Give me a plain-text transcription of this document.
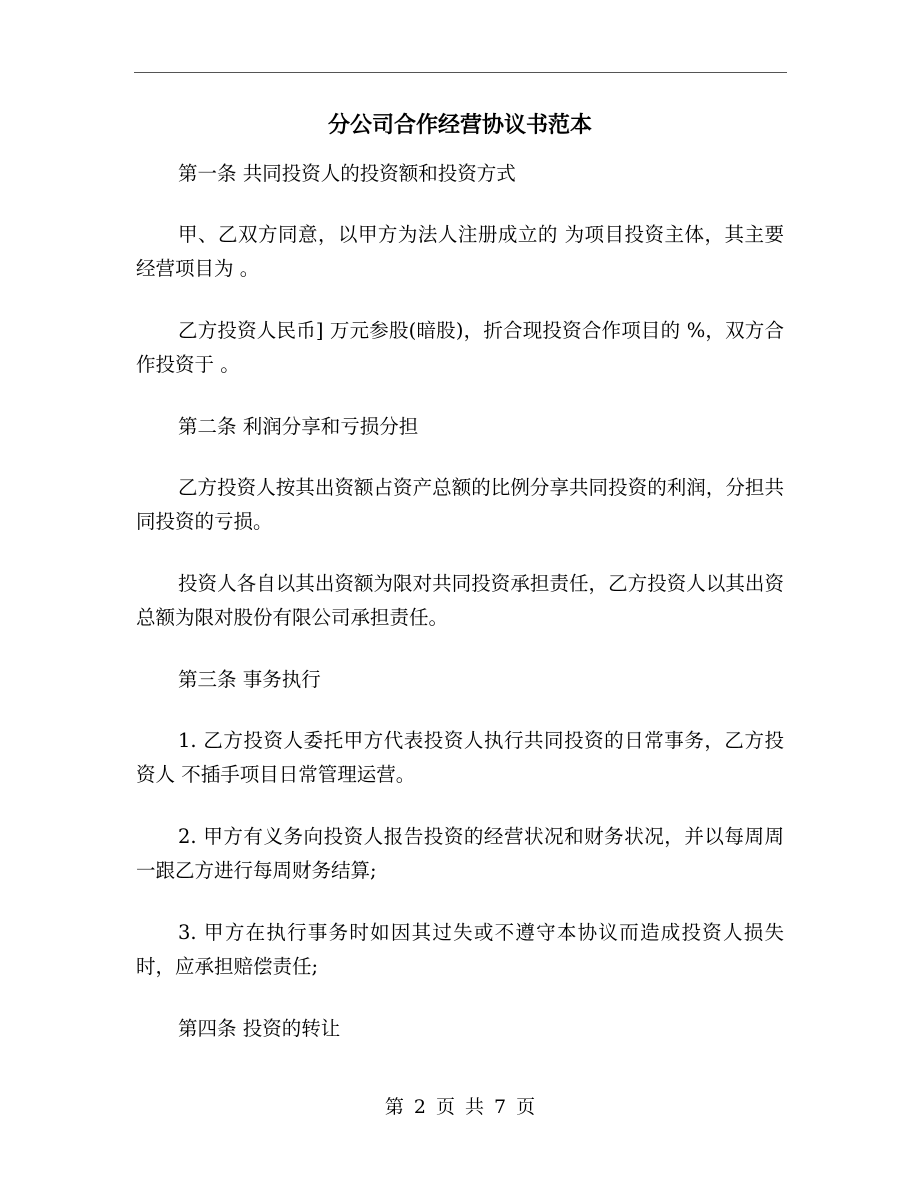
分公司合作经营协议书范本

第一条 共同投资人的投资额和投资方式

甲、乙双方同意，以甲方为法人注册成立的 为项目投资主体，其主要经营项目为 。

乙方投资人民币] 万元参股(暗股)，折合现投资合作项目的 %，双方合作投资于 。

第二条 利润分享和亏损分担

乙方投资人按其出资额占资产总额的比例分享共同投资的利润，分担共同投资的亏损。

投资人各自以其出资额为限对共同投资承担责任，乙方投资人以其出资总额为限对股份有限公司承担责任。

第三条 事务执行

1. 乙方投资人委托甲方代表投资人执行共同投资的日常事务，乙方投资人 不插手项目日常管理运营。

2. 甲方有义务向投资人报告投资的经营状况和财务状况，并以每周周一跟乙方进行每周财务结算;

3. 甲方在执行事务时如因其过失或不遵守本协议而造成投资人损失时，应承担赔偿责任;

第四条 投资的转让

第 2 页 共 7 页
